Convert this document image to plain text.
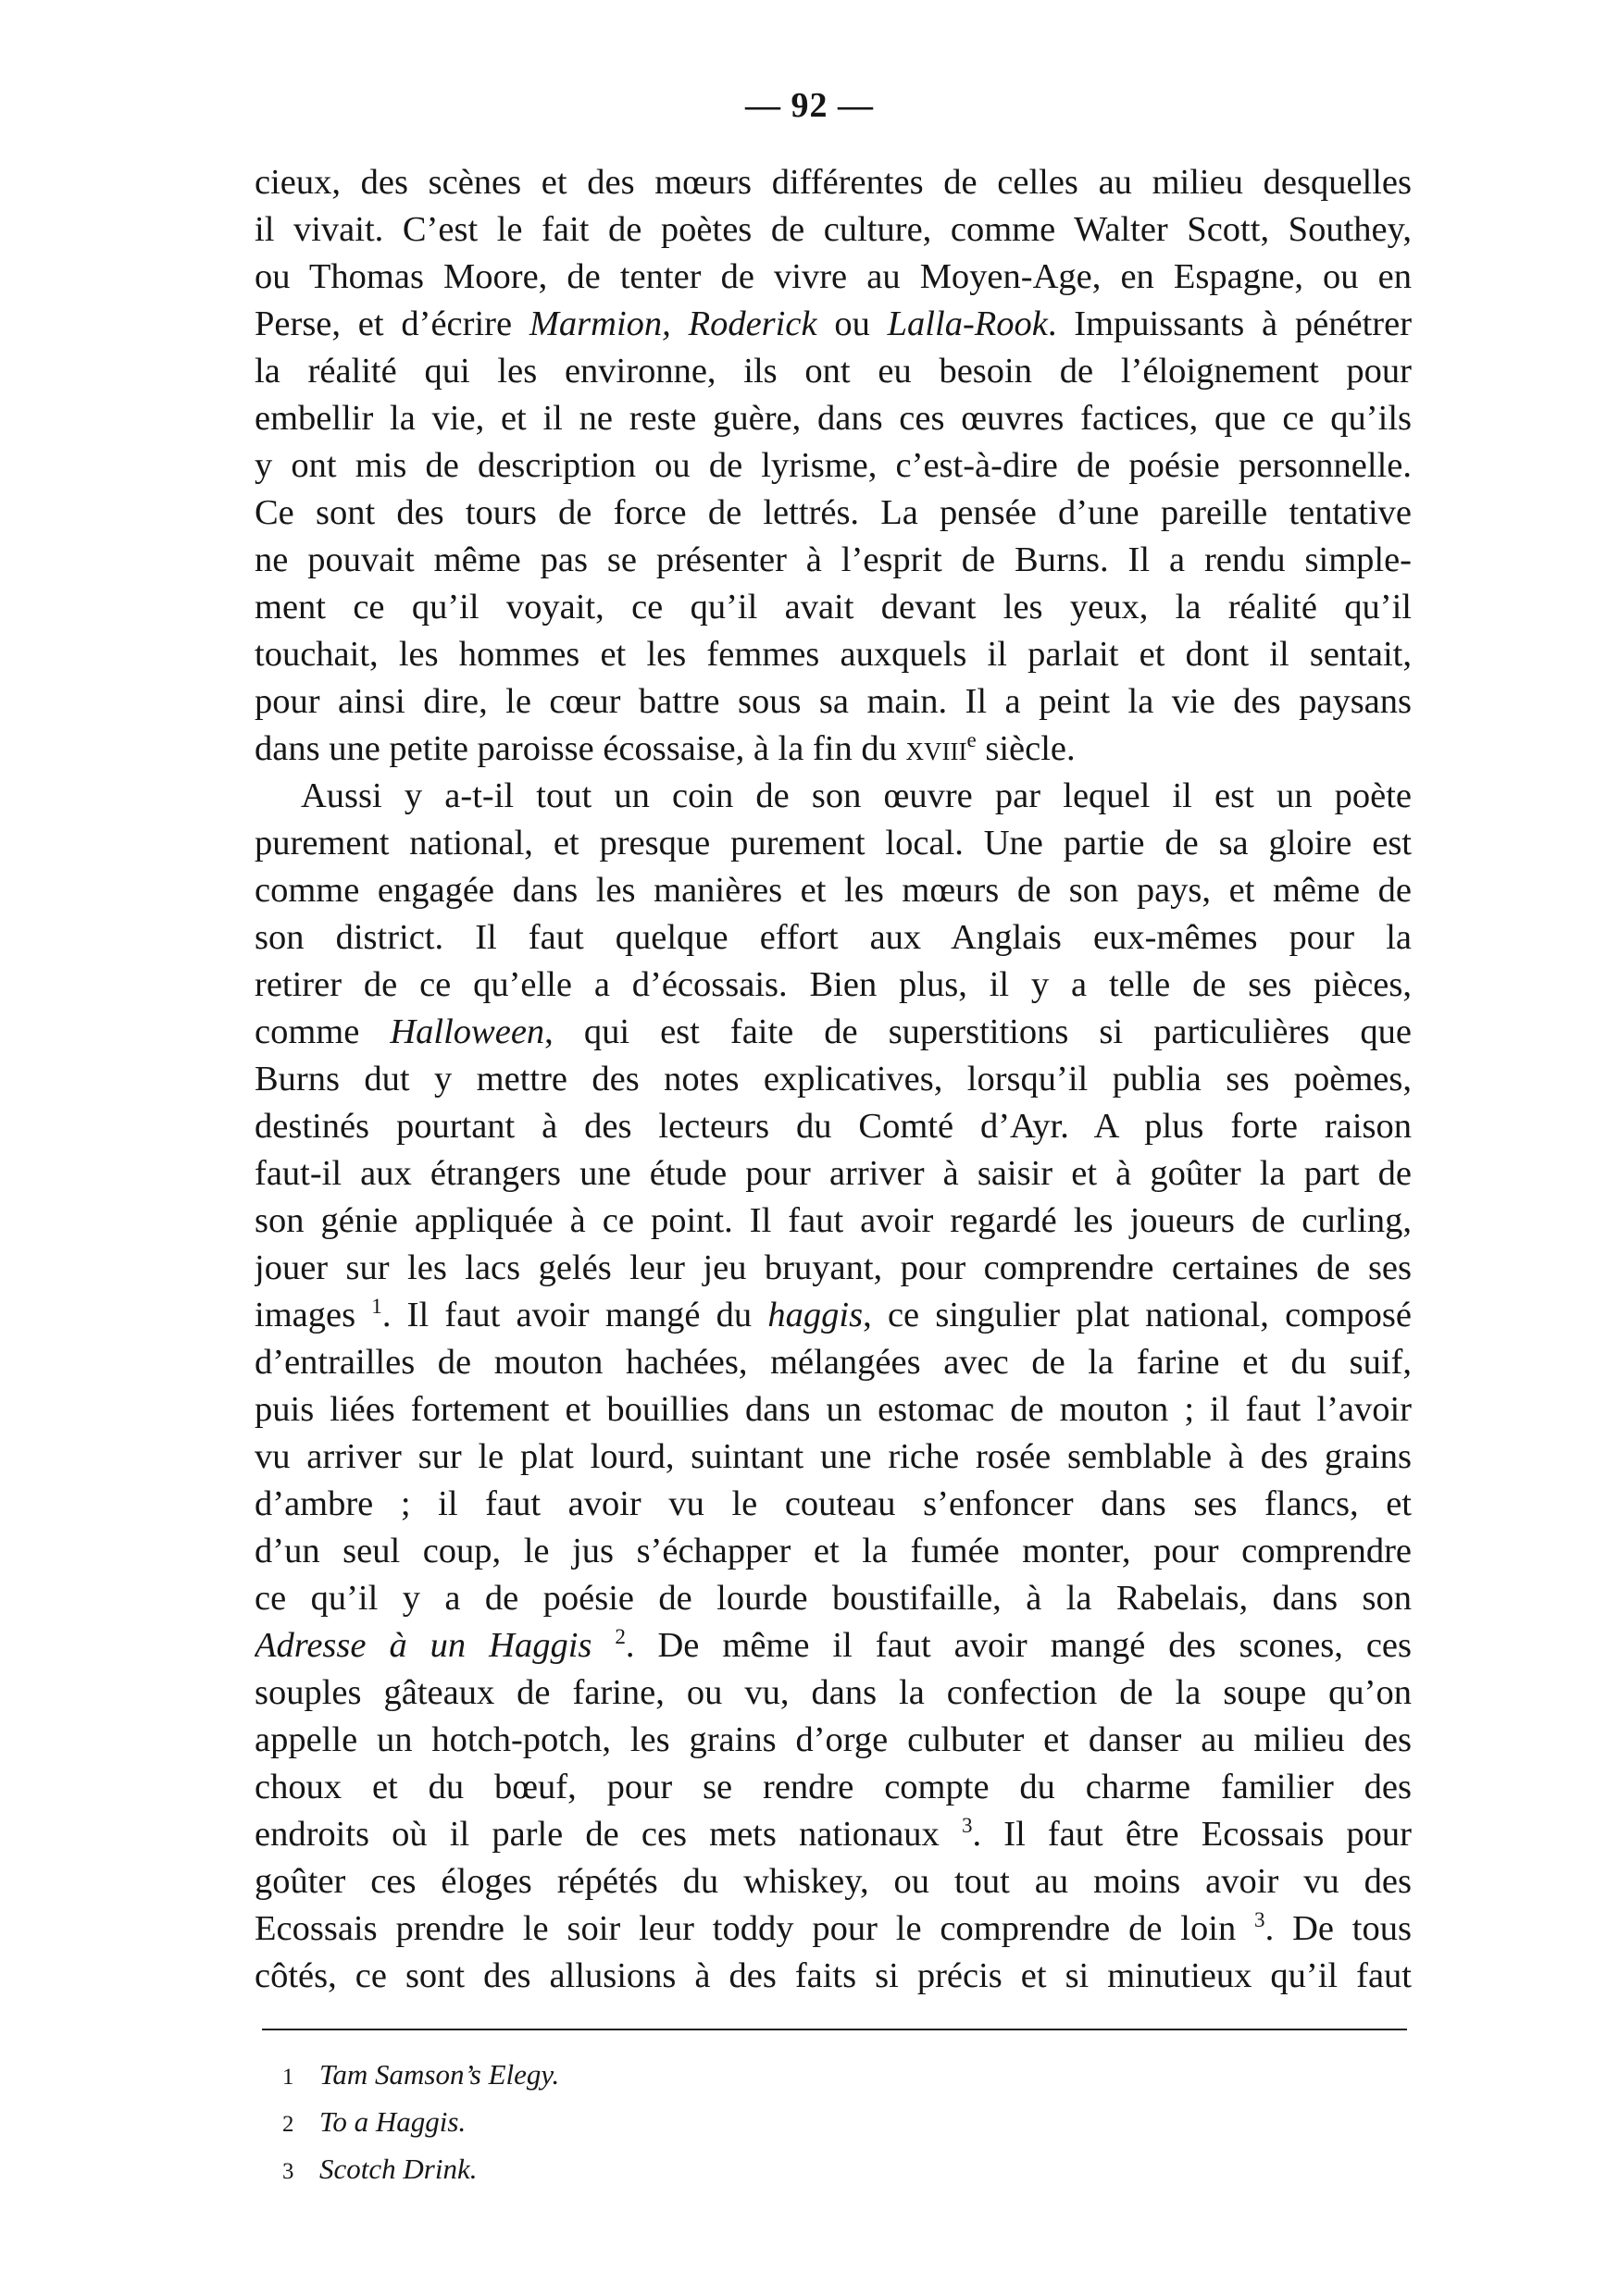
— 92 —
cieux, des scènes et des mœurs différentes de celles au milieu desquelles
il vivait. C’est le fait de poètes de culture, comme Walter Scott, Southey,
ou Thomas Moore, de tenter de vivre au Moyen-Age, en Espagne, ou en
Perse, et d’écrire Marmion, Roderick ou Lalla-Rook. Impuissants à pénétrer
la réalité qui les environne, ils ont eu besoin de l’éloignement pour
embellir la vie, et il ne reste guère, dans ces œuvres factices, que ce qu’ils
y ont mis de description ou de lyrisme, c’est-à-dire de poésie personnelle.
Ce sont des tours de force de lettrés. La pensée d’une pareille tentative
ne pouvait même pas se présenter à l’esprit de Burns. Il a rendu simple-
ment ce qu’il voyait, ce qu’il avait devant les yeux, la réalité qu’il
touchait, les hommes et les femmes auxquels il parlait et dont il sentait,
pour ainsi dire, le cœur battre sous sa main. Il a peint la vie des paysans
dans une petite paroisse écossaise, à la fin du xviii$^e$ siècle.
Aussi y a-t-il tout un coin de son œuvre par lequel il est un poète
purement national, et presque purement local. Une partie de sa gloire est
comme engagée dans les manières et les mœurs de son pays, et même de
son district. Il faut quelque effort aux Anglais eux-mêmes pour la
retirer de ce qu’elle a d’écossais. Bien plus, il y a telle de ses pièces,
comme Halloween, qui est faite de superstitions si particulières que
Burns dut y mettre des notes explicatives, lorsqu’il publia ses poèmes,
destinés pourtant à des lecteurs du Comté d’Ayr. A plus forte raison
faut-il aux étrangers une étude pour arriver à saisir et à goûter la part de
son génie appliquée à ce point. Il faut avoir regardé les joueurs de curling,
jouer sur les lacs gelés leur jeu bruyant, pour comprendre certaines de ses
images $^1$. Il faut avoir mangé du haggis, ce singulier plat national, composé
d’entrailles de mouton hachées, mélangées avec de la farine et du suif,
puis liées fortement et bouillies dans un estomac de mouton ; il faut l’avoir
vu arriver sur le plat lourd, suintant une riche rosée semblable à des grains
d’ambre ; il faut avoir vu le couteau s’enfoncer dans ses flancs, et
d’un seul coup, le jus s’échapper et la fumée monter, pour comprendre
ce qu’il y a de poésie de lourde boustifaille, à la Rabelais, dans son
Adresse à un Haggis $^2$. De même il faut avoir mangé des scones, ces
souples gâteaux de farine, ou vu, dans la confection de la soupe qu’on
appelle un hotch-potch, les grains d’orge culbuter et danser au milieu des
choux et du bœuf, pour se rendre compte du charme familier des
endroits où il parle de ces mets nationaux $^3$. Il faut être Ecossais pour
goûter ces éloges répétés du whiskey, ou tout au moins avoir vu des
Ecossais prendre le soir leur toddy pour le comprendre de loin $^3$. De tous
côtés, ce sont des allusions à des faits si précis et si minutieux qu’il faut
1 Tam Samson’s Elegy.
2 To a Haggis.
3 Scotch Drink.
